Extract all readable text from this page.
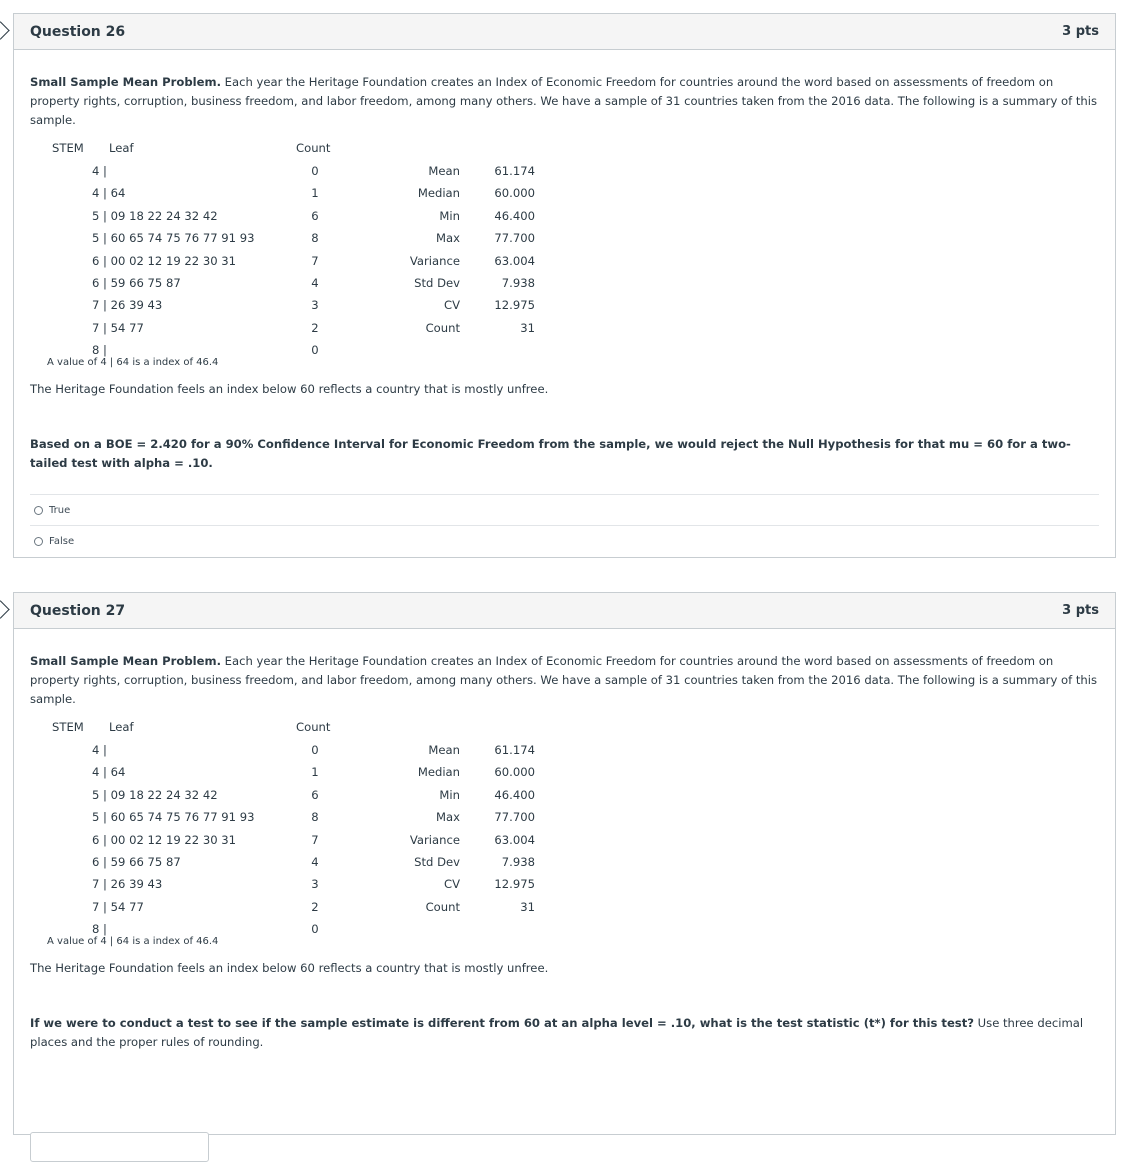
Question 26	3 pts
Small Sample Mean Problem. Each year the Heritage Foundation creates an Index of Economic Freedom for countries around the word based on assessments of freedom on property rights, corruption, business freedom, and labor freedom, among many others. We have a sample of 31 countries taken from the 2016 data. The following is a summary of this sample.
STEM Leaf	Count
4 |	0
4 | 64	1
5 | 09 18 22 24 32 42	6
5 | 60 65 74 75 76 77 91 93	8
6 | 00 02 12 19 22 30 31	7
6 | 59 66 75 87	4
7 | 26 39 43	3
7 | 54 77	2
8 |	0
Mean	61.174
Median	60.000
Min	46.400
Max	77.700
Variance	63.004
Std Dev	7.938
CV	12.975
Count	31
A value of 4 | 64 is a index of 46.4
The Heritage Foundation feels an index below 60 reflects a country that is mostly unfree.
Based on a BOE = 2.420 for a 90% Confidence Interval for Economic Freedom from the sample, we would reject the Null Hypothesis for that mu = 60 for a two-tailed test with alpha = .10.
True
False
Question 27	3 pts
Small Sample Mean Problem. Each year the Heritage Foundation creates an Index of Economic Freedom for countries around the word based on assessments of freedom on property rights, corruption, business freedom, and labor freedom, among many others. We have a sample of 31 countries taken from the 2016 data. The following is a summary of this sample.
STEM Leaf	Count
4 |	0
4 | 64	1
5 | 09 18 22 24 32 42	6
5 | 60 65 74 75 76 77 91 93	8
6 | 00 02 12 19 22 30 31	7
6 | 59 66 75 87	4
7 | 26 39 43	3
7 | 54 77	2
8 |	0
Mean	61.174
Median	60.000
Min	46.400
Max	77.700
Variance	63.004
Std Dev	7.938
CV	12.975
Count	31
A value of 4 | 64 is a index of 46.4
The Heritage Foundation feels an index below 60 reflects a country that is mostly unfree.
If we were to conduct a test to see if the sample estimate is different from 60 at an alpha level = .10, what is the test statistic (t*) for this test? Use three decimal places and the proper rules of rounding.
